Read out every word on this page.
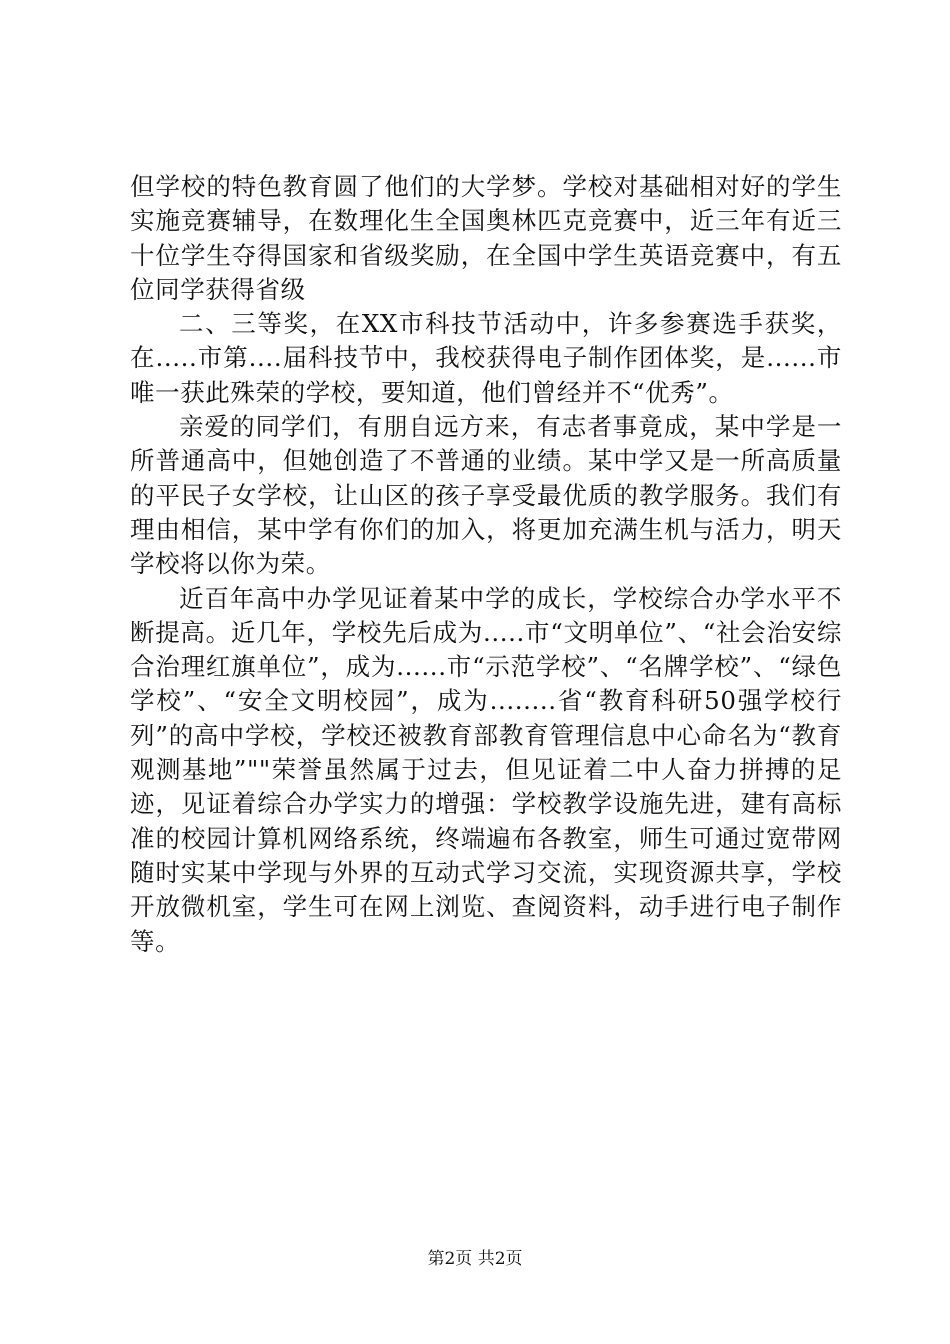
但学校的特色教育圆了他们的大学梦。学校对基础相对好的学生实施竞赛辅导，在数理化生全国奥林匹克竞赛中，近三年有近三十位学生夺得国家和省级奖励，在全国中学生英语竞赛中，有五位同学获得省级

二、三等奖，在XX市科技节活动中，许多参赛选手获奖，在.....市第....届科技节中，我校获得电子制作团体奖，是......市唯一获此殊荣的学校，要知道，他们曾经并不“优秀”。

亲爱的同学们，有朋自远方来，有志者事竟成，某中学是一所普通高中，但她创造了不普通的业绩。某中学又是一所高质量的平民子女学校，让山区的孩子享受最优质的教学服务。我们有理由相信，某中学有你们的加入，将更加充满生机与活力，明天学校将以你为荣。

近百年高中办学见证着某中学的成长，学校综合办学水平不断提高。近几年，学校先后成为.....市“文明单位”、“社会治安综合治理红旗单位”，成为......市“示范学校”、“名牌学校”、“绿色学校”、“安全文明校园”，成为........省“教育科研50强学校行列”的高中学校，学校还被教育部教育管理信息中心命名为“教育观测基地”""荣誉虽然属于过去，但见证着二中人奋力拼搏的足迹，见证着综合办学实力的增强：学校教学设施先进，建有高标准的校园计算机网络系统，终端遍布各教室，师生可通过宽带网随时实某中学现与外界的互动式学习交流，实现资源共享，学校开放微机室，学生可在网上浏览、查阅资料，动手进行电子制作等。

第2页 共2页
